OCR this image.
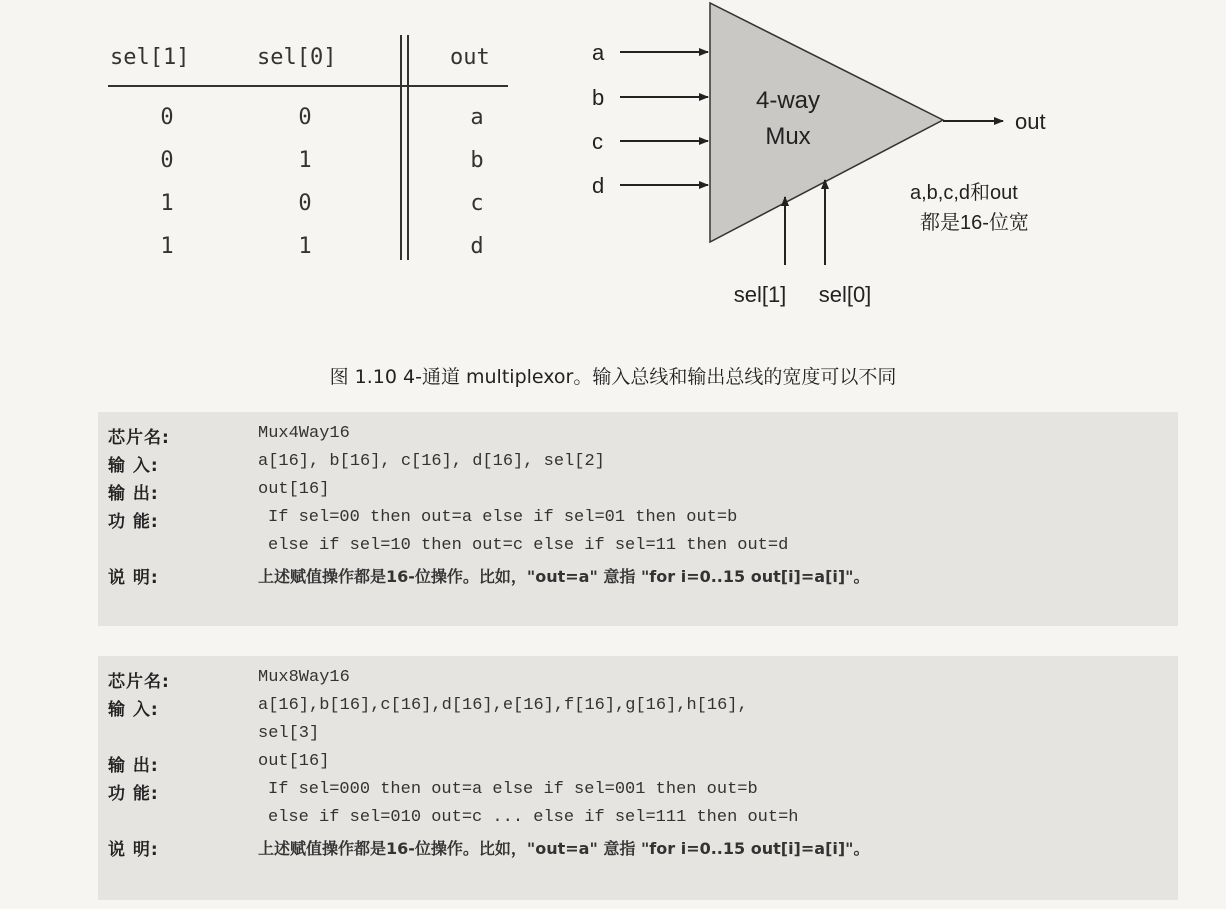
sel[1]	sel[0]	out
0	0	a
0	1	b
1	0	c
1	1	d
a
b
c
d
4-way
Mux
out
sel[1] sel[0]
a,b,c,d和out
都是16-位宽
图 1.10 4-通道 multiplexor。输入总线和输出总线的宽度可以不同
芯片名:	Mux4Way16
输 入:	a[16], b[16], c[16], d[16], sel[2]
输 出:	out[16]
功 能:	If sel=00 then out=a else if sel=01 then out=b
else if sel=10 then out=c else if sel=11 then out=d
说 明:	上述赋值操作都是16-位操作。比如，"out=a" 意指 "for i=0..15 out[i]=a[i]"。
芯片名:	Mux8Way16
输 入:	a[16],b[16],c[16],d[16],e[16],f[16],g[16],h[16],
sel[3]
输 出:	out[16]
功 能:	If sel=000 then out=a else if sel=001 then out=b
else if sel=010 out=c ... else if sel=111 then out=h
说 明:	上述赋值操作都是16-位操作。比如，"out=a" 意指 "for i=0..15 out[i]=a[i]"。
